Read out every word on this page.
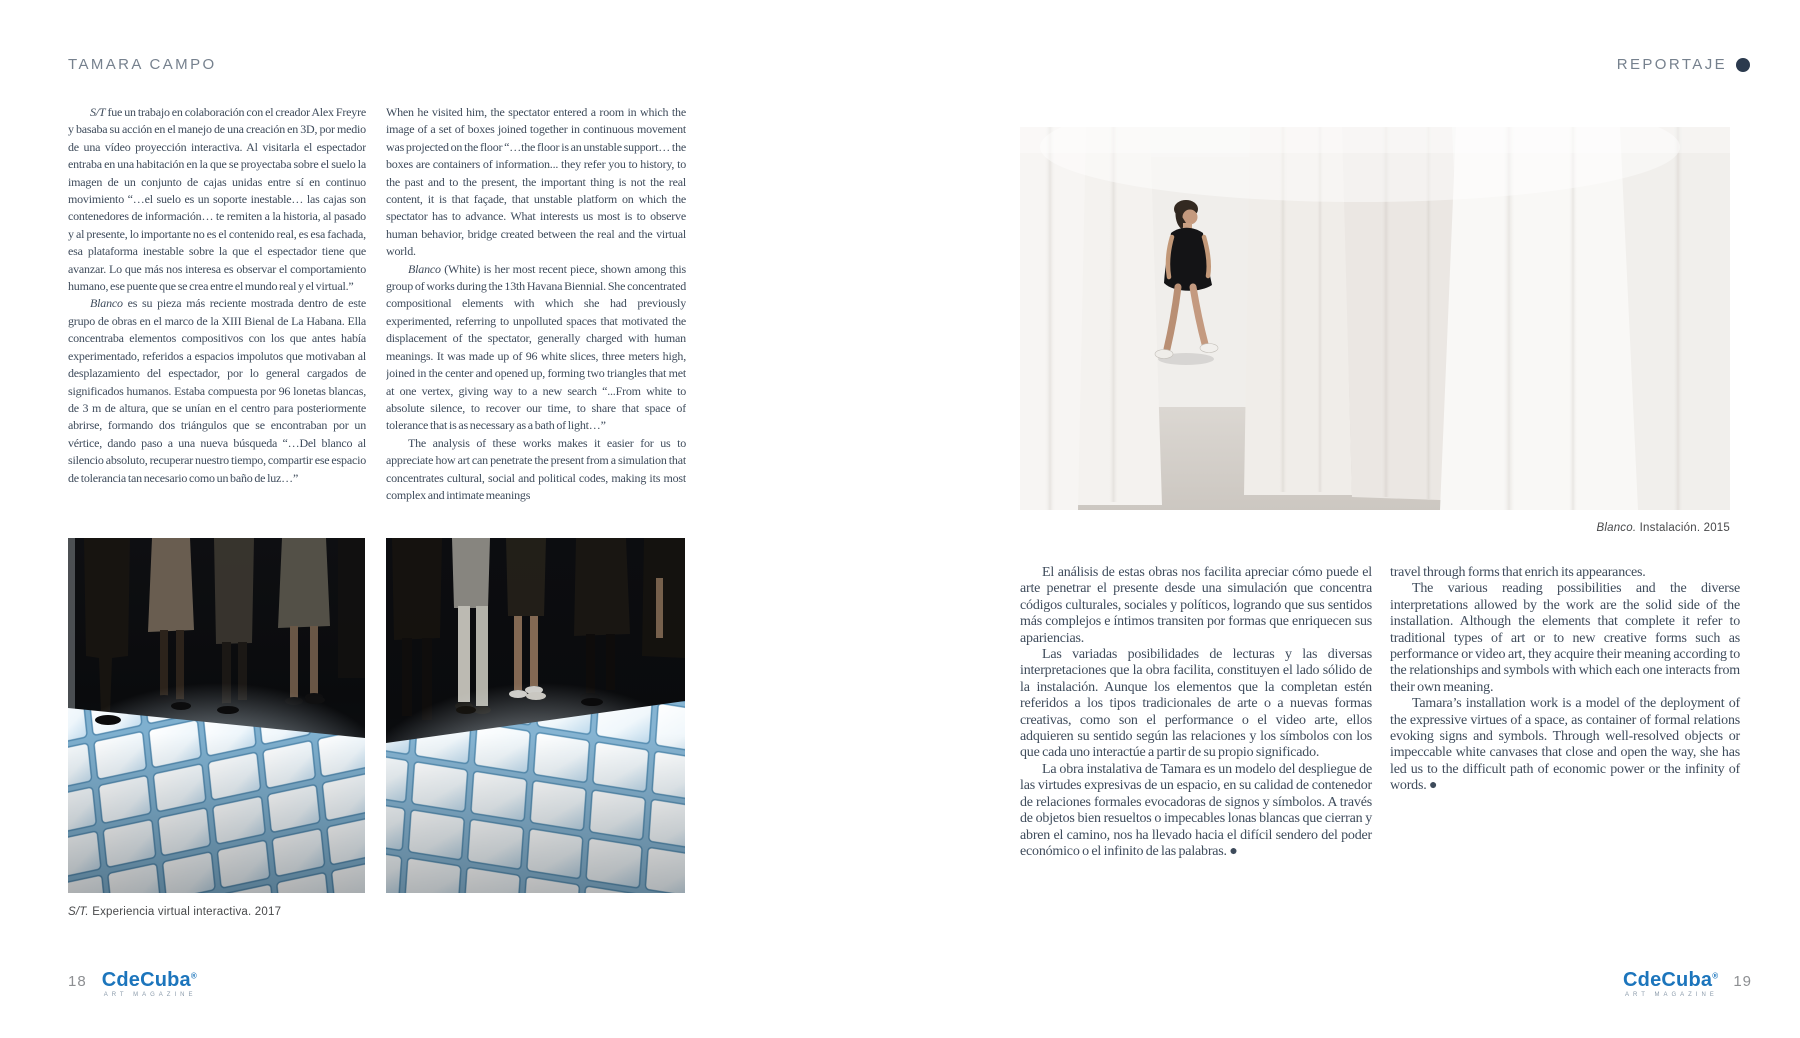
TAMARA CAMPO

S/T fue un trabajo en colaboración con el creador Alex Freyre y basaba su acción en el manejo de una creación en 3D, por medio de una vídeo proyección interactiva. Al visitarla el espectador entraba en una habitación en la que se proyectaba sobre el suelo la imagen de un conjunto de cajas unidas entre sí en continuo movimiento “…el suelo es un soporte inestable… las cajas son contenedores de información… te remiten a la historia, al pasado y al presente, lo importante no es el contenido real, es esa fachada, esa plataforma inestable sobre la que el espectador tiene que avanzar. Lo que más nos interesa es observar el comportamiento humano, ese puente que se crea entre el mundo real y el virtual.”

Blanco es su pieza más reciente mostrada dentro de este grupo de obras en el marco de la XIII Bienal de La Habana. Ella concentraba elementos compositivos con los que antes había experimentado, referidos a espacios impolutos que motivaban al desplazamiento del espectador, por lo general cargados de significados humanos. Estaba compuesta por 96 lonetas blancas, de 3 m de altura, que se unían en el centro para posteriormente abrirse, formando dos triángulos que se encontraban por un vértice, dando paso a una nueva búsqueda “…Del blanco al silencio absoluto, recuperar nuestro tiempo, compartir ese espacio de tolerancia tan necesario como un baño de luz…”

When he visited him, the spectator entered a room in which the image of a set of boxes joined together in continuous movement was projected on the floor “…the floor is an unstable support… the boxes are containers of information... they refer you to history, to the past and to the present, the important thing is not the real content, it is that façade, that unstable platform on which the spectator has to advance. What interests us most is to observe human behavior, bridge created between the real and the virtual world.

Blanco (White) is her most recent piece, shown among this group of works during the 13th Havana Biennial. She concentrated compositional elements with which she had previously experimented, referring to unpolluted spaces that motivated the displacement of the spectator, generally charged with human meanings. It was made up of 96 white slices, three meters high, joined in the center and opened up, forming two triangles that met at one vertex, giving way to a new search “...From white to absolute silence, to recover our time, to share that space of tolerance that is as necessary as a bath of light…”

The analysis of these works makes it easier for us to appreciate how art can penetrate the present from a simulation that concentrates cultural, social and political codes, making its most complex and intimate meanings

S/T. Experiencia virtual interactiva. 2017
18 CdeCuba®
ART MAGAZINE
REPORTAJE
Blanco. Instalación. 2015

El análisis de estas obras nos facilita apreciar cómo puede el arte penetrar el presente desde una simulación que concentra códigos culturales, sociales y políticos, logrando que sus sentidos más complejos e íntimos transiten por formas que enriquecen sus apariencias.

Las variadas posibilidades de lecturas y las diversas interpretaciones que la obra facilita, constituyen el lado sólido de la instalación. Aunque los elementos que la completan estén referidos a los tipos tradicionales de arte o a nuevas formas creativas, como son el performance o el video arte, ellos adquieren su sentido según las relaciones y los símbolos con los que cada uno interactúe a partir de su propio significado.

La obra instalativa de Tamara es un modelo del despliegue de las virtudes expresivas de un espacio, en su calidad de contenedor de relaciones formales evocadoras de signos y símbolos. A través de objetos bien resueltos o impecables lonas blancas que cierran y abren el camino, nos ha llevado hacia el difícil sendero del poder económico o el infinito de las palabras. ●

travel through forms that enrich its appearances.

The various reading possibilities and the diverse interpretations allowed by the work are the solid side of the installation. Although the elements that complete it refer to traditional types of art or to new creative forms such as performance or video art, they acquire their meaning according to the relationships and symbols with which each one interacts from their own meaning.

Tamara’s installation work is a model of the deployment of the expressive virtues of a space, as container of formal relations evoking signs and symbols. Through well-resolved objects or impeccable white canvases that close and open the way, she has led us to the difficult path of economic power or the infinity of words. ●

CdeCuba®
ART MAGAZINE
19
